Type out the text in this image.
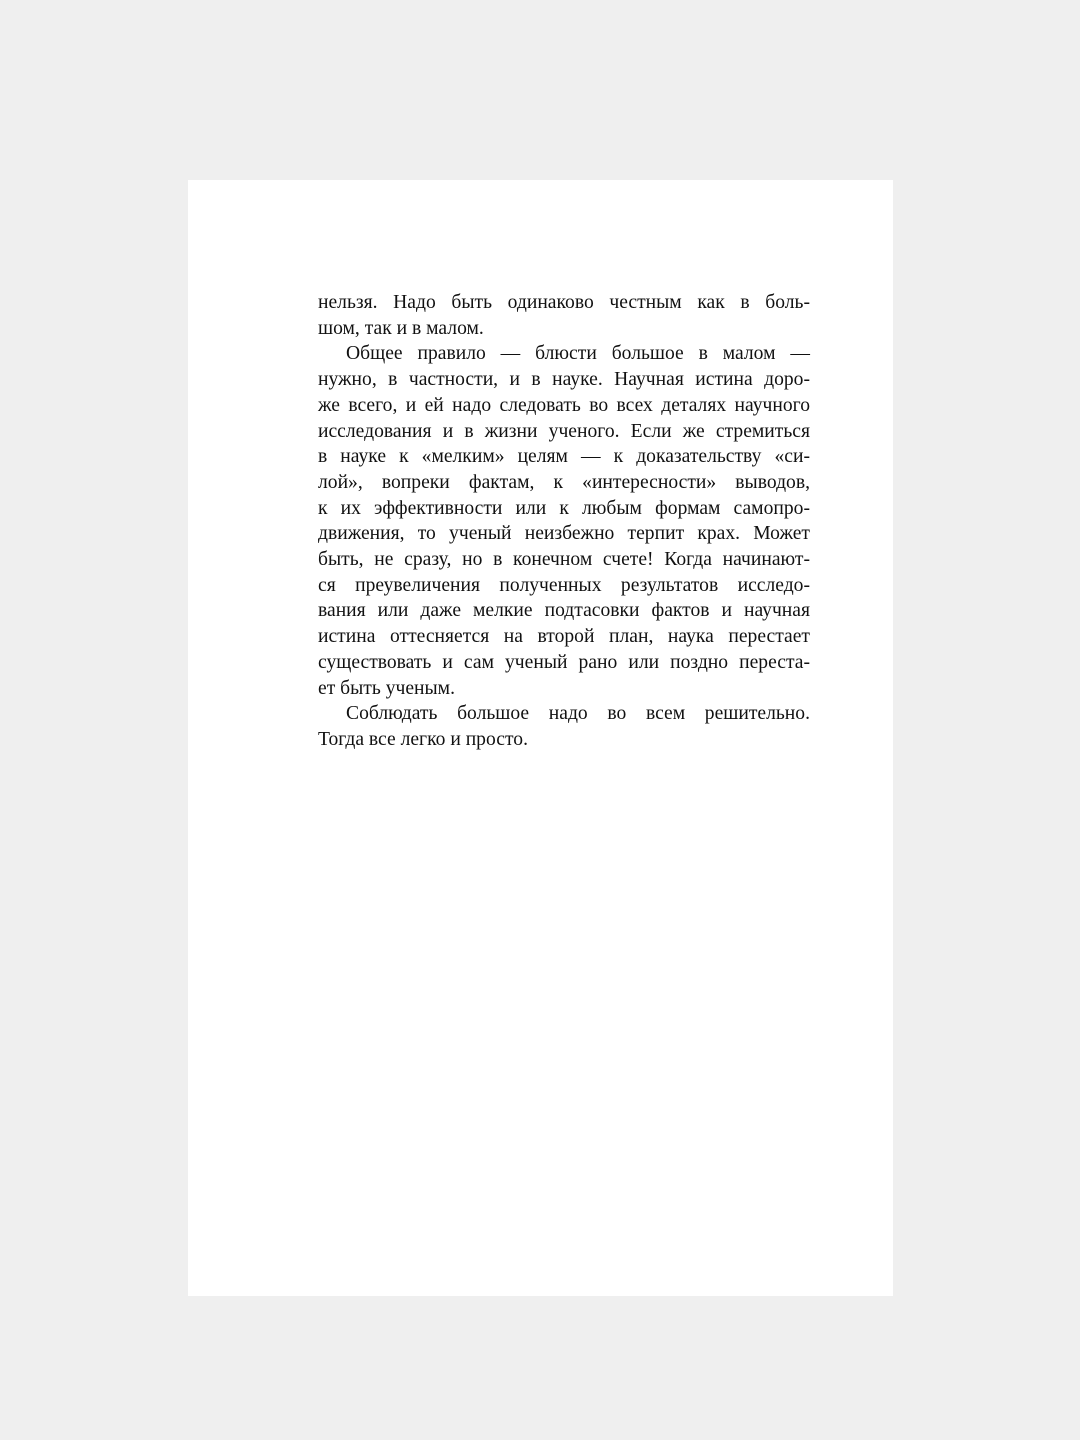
нельзя. Надо быть одинаково честным как в боль-
шом, так и в малом.
Общее правило — блюсти большое в малом —
нужно, в частности, и в науке. Научная истина доро-
же всего, и ей надо следовать во всех деталях научного
исследования и в жизни ученого. Если же стремиться
в науке к «мелким» целям — к доказательству «си-
лой», вопреки фактам, к «интересности» выводов,
к их эффективности или к любым формам самопро-
движения, то ученый неизбежно терпит крах. Может
быть, не сразу, но в конечном счете! Когда начинают-
ся преувеличения полученных результатов исследо-
вания или даже мелкие подтасовки фактов и научная
истина оттесняется на второй план, наука перестает
существовать и сам ученый рано или поздно переста-
ет быть ученым.
Соблюдать большое надо во всем решительно.
Тогда все легко и просто.
